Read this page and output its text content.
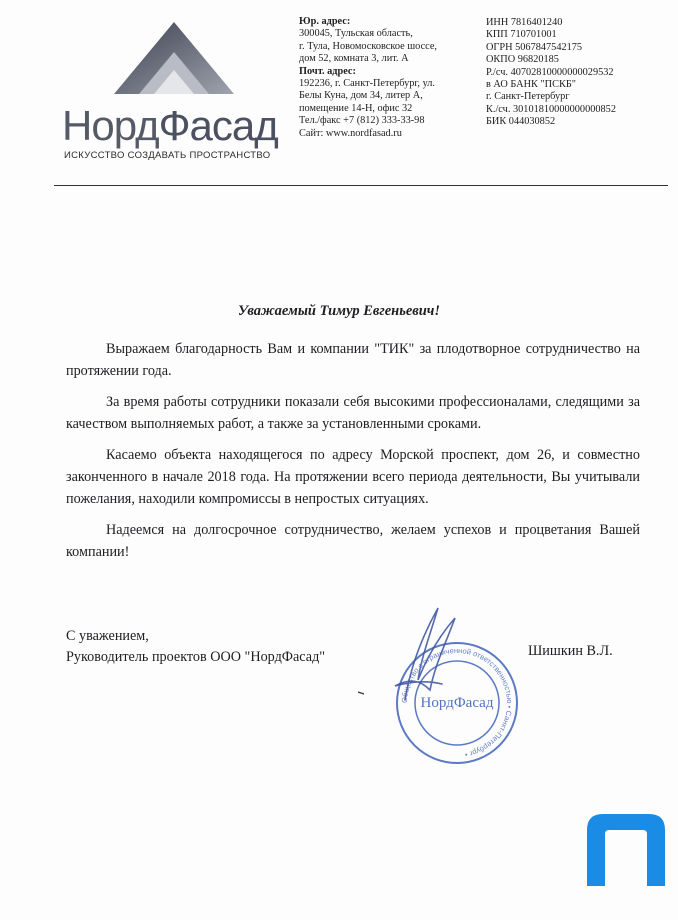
НордФасад
ИСКУССТВО СОЗДАВАТЬ ПРОСТРАНСТВО
Юр. адрес:
300045, Тульская область,
г. Тула, Новомосковское шоссе,
дом 52, комната 3, лит. А
Почт. адрес:
192236, г. Санкт-Петербург, ул.
Белы Куна, дом 34, литер А,
помещение 14-Н, офис 32
Тел./факс +7 (812) 333-33-98
Сайт: www.nordfasad.ru
ИНН 7816401240
КПП 710701001
ОГРН 5067847542175
ОКПО 96820185
Р./сч. 40702810000000029532
в АО БАНК "ПСКБ"
г. Санкт-Петербург
К./сч. 30101810000000000852
БИК 044030852
Уважаемый Тимур Евгеньевич!

Выражаем благодарность Вам и компании "ТИК" за плодотворное сотрудничество на протяжении года.

За время работы сотрудники показали себя высокими профессионалами, следящими за качеством выполняемых работ, а также за установленными сроками.

Касаемо объекта находящегося по адресу Морской проспект, дом 26, и совместно законченного в начале 2018 года. На протяжении всего периода деятельности, Вы учитывали пожелания, находили компромиссы в непростых ситуациях.

Надеемся на долгосрочное сотрудничество, желаем успехов и процветания Вашей компании!

С уважением,
Руководитель проектов ООО "НордФасад"	Шишкин В.Л.
Общество с ограниченной ответственностью • Санкт-Петербург •
НордФасад
